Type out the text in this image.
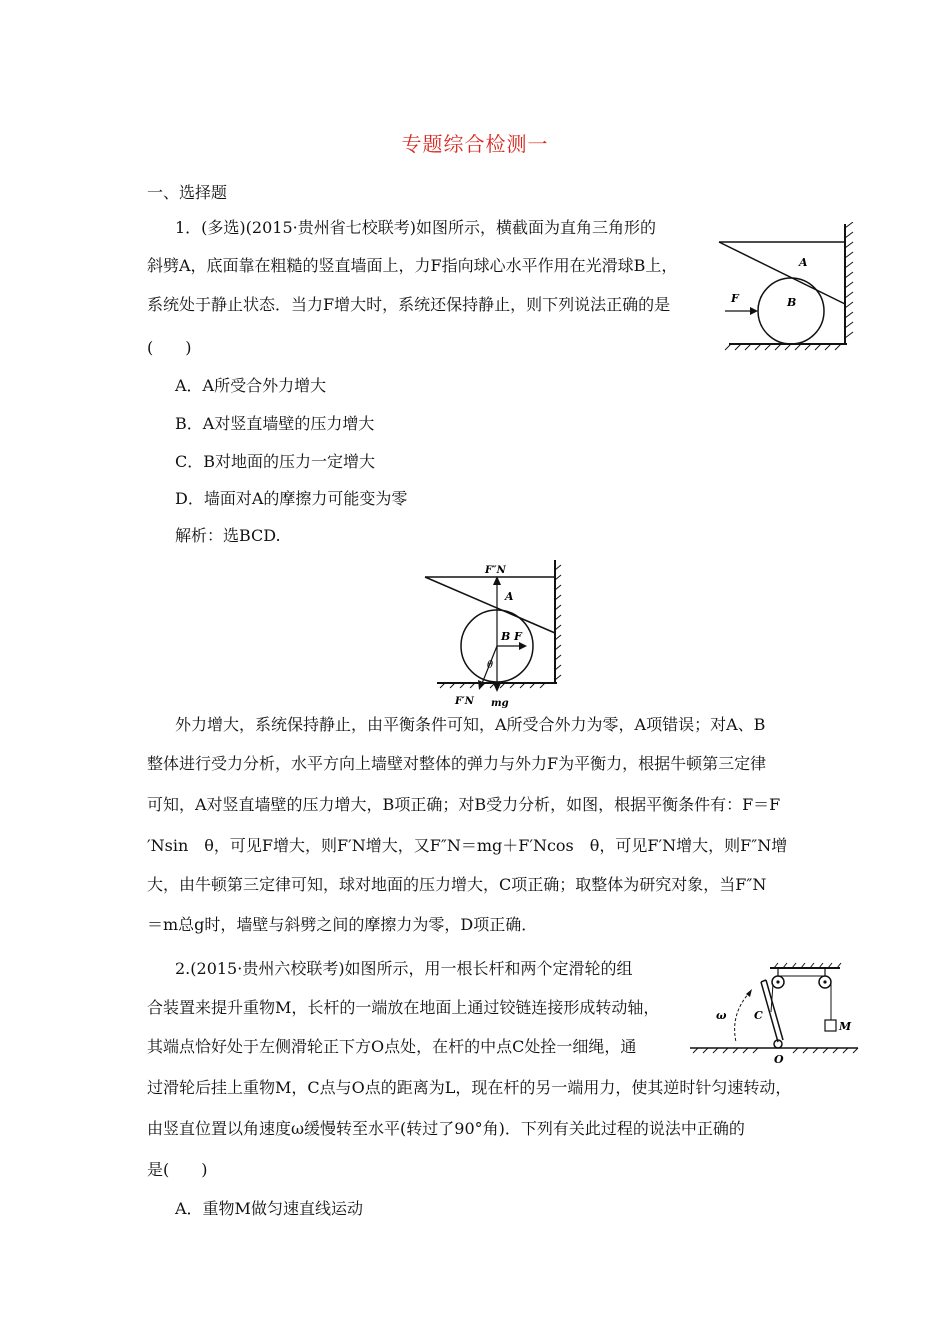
专题综合检测一
一、选择题
1．(多选)(2015·贵州省七校联考)如图所示，横截面为直角三角形的
斜劈A，底面靠在粗糙的竖直墙面上，力F指向球心水平作用在光滑球B上，
系统处于静止状态．当力F增大时，系统还保持静止，则下列说法正确的是
(　　)
A．A所受合外力增大
B．A对竖直墙壁的压力增大
C．B对地面的压力一定增大
D．墙面对A的摩擦力可能变为零
解析：选BCD.
F	B
A
F″N
A
B F
θ
F′N mg
外力增大，系统保持静止，由平衡条件可知，A所受合外力为零，A项错误；对A、B
整体进行受力分析，水平方向上墙壁对整体的弹力与外力F为平衡力，根据牛顿第三定律
可知，A对竖直墙壁的压力增大，B项正确；对B受力分析，如图，根据平衡条件有：F＝F
′Nsin　θ，可见F增大，则F′N增大，又F″N＝mg＋F′Ncos　θ，可见F′N增大，则F″N增
大，由牛顿第三定律可知，球对地面的压力增大，C项正确；取整体为研究对象，当F″N
＝m总g时，墙壁与斜劈之间的摩擦力为零，D项正确．
2.(2015·贵州六校联考)如图所示，用一根长杆和两个定滑轮的组
合装置来提升重物M，长杆的一端放在地面上通过铰链连接形成转动轴，
其端点恰好处于左侧滑轮正下方O点处，在杆的中点C处拴一细绳，通
过滑轮后挂上重物M，C点与O点的距离为L，现在杆的另一端用力，使其逆时针匀速转动，
由竖直位置以角速度ω缓慢转至水平(转过了90°角)．下列有关此过程的说法中正确的
是(　　)
A．重物M做匀速直线运动
M
ω	C
O
